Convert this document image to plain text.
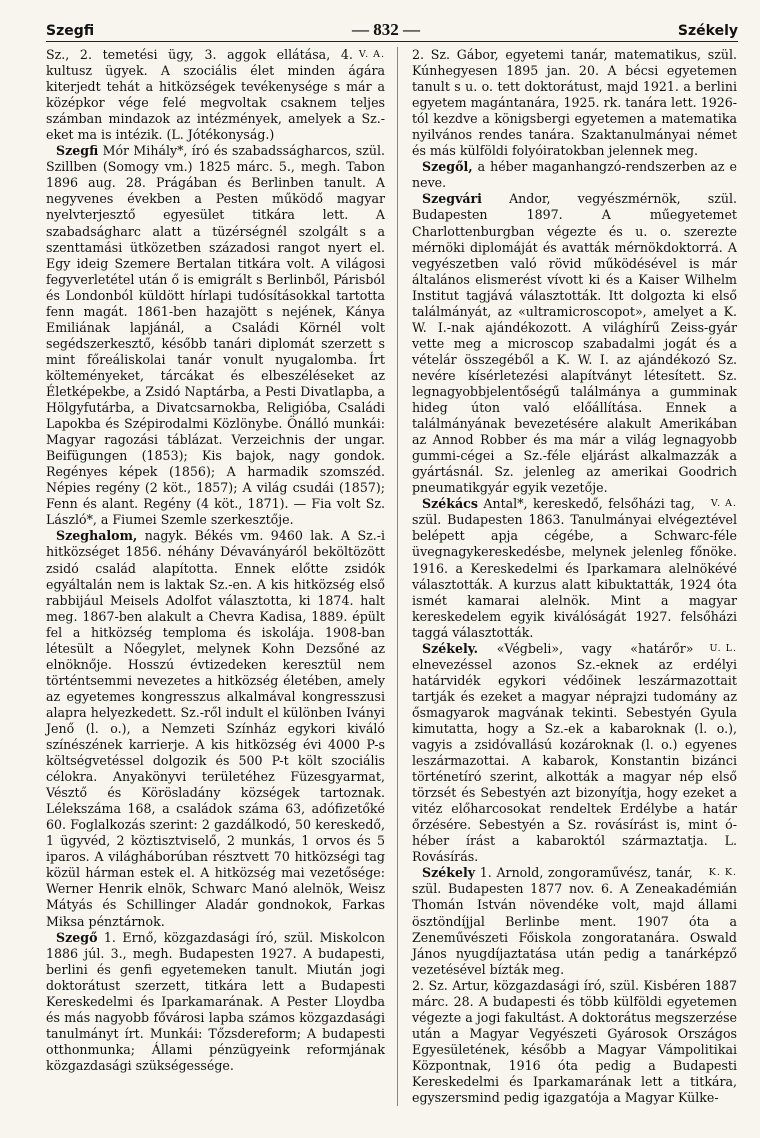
Szegfi	— 832 —	Székely

V. A.
Sz., 2. temetési ügy, 3. aggok ellátása, 4. kultusz ügyek. A szociális élet minden ágára kiterjedt tehát a hitközségek tevékenysége s már a középkor vége felé megvoltak csaknem teljes számban mindazok az intézmények, amelyek a Sz.-eket ma is intézik. (L. Jótékonyság.)

Szegfi Mór Mihály*, író és szabadsságharcos, szül. Szillben (Somogy vm.) 1825 márc. 5., megh. Tabon 1896 aug. 28. Prágában és Berlinben tanult. A negyvenes években a Pesten működő magyar nyelvterjesztő egyesület titkára lett. A szabadságharc alatt a tüzérségnél szolgált s a szenttamási ütközetben századosi rangot nyert el. Egy ideig Szemere Bertalan titkára volt. A világosi fegyverletétel után ő is emigrált s Berlinből, Párisból és Londonból küldött hírlapi tudósításokkal tartotta fenn magát. 1861-ben hazajött s nejének, Kánya Emiliának lapjánál, a Családi Körnél volt segédszerkesztő, később tanári diplomát szerzett s mint főreáliskolai tanár vonult nyugalomba. Írt költeményeket, tárcákat és elbeszéléseket az Életképekbe, a Zsidó Naptárba, a Pesti Divatlapba, a Hölgyfutárba, a Divatcsarnokba, Religióba, Családi Lapokba és Szépirodalmi Közlönybe. Önálló munkái: Magyar ragozási táblázat. Verzeichnis der ungar. Beifügungen (1853); Kis bajok, nagy gondok. Regényes képek (1856); A harmadik szomszéd. Népies regény (2 köt., 1857); A világ csudái (1857); Fenn és alant. Regény (4 köt., 1871). — Fia volt Sz. László*, a Fiumei Szemle szerkesztője.

Szeghalom, nagyk. Békés vm. 9460 lak. A Sz.-i hitközséget 1856. néhány Dévaványáról beköltözött zsidó család alapította. Ennek előtte zsidók egyáltalán nem is laktak Sz.-en. A kis hitközség első rabbijául Meisels Adolfot választotta, ki 1874. halt meg. 1867-ben alakult a Chevra Kadisa, 1889. épült fel a hitközség temploma és iskolája. 1908-ban létesült a Nőegylet, melynek Kohn Dezsőné az elnöknője. Hosszú évtizedeken keresztül nem történtsemmi nevezetes a hitközség életében, amely az egyetemes kongresszus alkalmával kongresszusi alapra helyezkedett. Sz.-ről indult el különben Iványi Jenő (l. o.), a Nemzeti Színház egykori kiváló színészének karrierje. A kis hitközség évi 4000 P-s költségvetéssel dolgozik és 500 P-t költ szociális célokra. Anyakönyvi területéhez Füzesgyarmat, Vésztő és Körösladány községek tartoznak. Lélekszáma 168, a családok száma 63, adófizetőké 60. Foglalkozás szerint: 2 gazdálkodó, 50 kereskedő, 1 ügyvéd, 2 köztisztviselő, 2 munkás, 1 orvos és 5 iparos. A világháborúban résztvett 70 hitközségi tag közül hárman estek el. A hitközség mai vezetősége: Werner Henrik elnök, Schwarc Manó alelnök, Weisz Mátyás és Schillinger Aladár gondnokok, Farkas Miksa pénztárnok.

Szegő 1. Ernő, közgazdasági író, szül. Miskolcon 1886 júl. 3., megh. Budapesten 1927. A budapesti, berlini és genfi egyetemeken tanult. Miután jogi doktorátust szerzett, titkára lett a Budapesti Kereskedelmi és Iparkamarának. A Pester Lloydba és más nagyobb fővárosi lapba számos közgazdasági tanulmányt írt. Munkái: Tőzsdereform; A budapesti otthonmunka; Állami pénzügyeink reformjának közgazdasági szükségessége.

2. Sz. Gábor, egyetemi tanár, matematikus, szül. Kúnhegyesen 1895 jan. 20. A bécsi egyetemen tanult s u. o. tett doktorátust, majd 1921. a berlini egyetem magántanára, 1925. rk. tanára lett. 1926-tól kezdve a königsbergi egyetemen a matematika nyilvános rendes tanára. Szaktanulmányai német és más külföldi folyóiratokban jelennek meg.

Szegől, a héber maganhangzó-rendszerben az e neve.

Szegvári Andor, vegyészmérnök, szül. Budapesten 1897. A műegyetemet Charlottenburgban végezte és u. o. szerezte mérnöki diplomáját és avatták mérnökdoktorrá. A vegyészetben való rövid működésével is már általános elismerést vívott ki és a Kaiser Wilhelm Institut tagjává választották. Itt dolgozta ki első találmányát, az «ultramicroscopot», amelyet a K. W. I.-nak ajándékozott. A világhírű Zeiss-gyár vette meg a microscop szabadalmi jogát és a vételár összegéből a K. W. I. az ajándékozó Sz. nevére kísérletezési alapítványt létesített. Sz. legnagyobbjelentőségű találmánya a gumminak hideg úton való előállítása. Ennek a találmányának bevezetésére alakult Amerikában az Annod Robber és ma már a világ legnagyobb gummi-cégei a Sz.-féle eljárást alkalmazzák a gyártásnál. Sz. jelenleg az amerikai Goodrich pneumatikgyár egyik vezetője.

V. A.
Székács Antal*, kereskedő, felsőházi tag, szül. Budapesten 1863. Tanulmányai elvégeztével belépett apja cégébe, a Schwarc-féle üvegnagykereskedésbe, melynek jelenleg főnöke. 1916. a Kereskedelmi és Iparkamara alelnökévé választották. A kurzus alatt kibuktatták, 1924 óta ismét kamarai alelnök. Mint a magyar kereskedelem egyik kiválóságát 1927. felsőházi taggá választották.

U. L.
Székely. «Végbeli», vagy «határőr» elnevezéssel azonos Sz.-eknek az erdélyi határvidék egykori védőinek leszármazottait tartják és ezeket a magyar néprajzi tudomány az ősmagyarok magvának tekinti. Sebestyén Gyula kimutatta, hogy a Sz.-ek a kabaroknak (l. o.), vagyis a zsidóvallású kozároknak (l. o.) egyenes leszármazottai. A kabarok, Konstantin bizánci történetíró szerint, alkották a magyar nép első törzsét és Sebestyén azt bizonyítja, hogy ezeket a vitéz előharcosokat rendeltek Erdélybe a határ őrzésére. Sebestyén a Sz. rovásírást is, mint ó-héber írást a kabaroktól származtatja. L. Rovásírás.

K. K.
Székely 1. Arnold, zongoraművész, tanár, szül. Budapesten 1877 nov. 6. A Zeneakadémián Thomán István növendéke volt, majd állami ösztöndíjjal Berlinbe ment. 1907 óta a Zeneművészeti Főiskola zongoratanára. Oswald János nyugdíjaztatása után pedig a tanárképző vezetésével bízták meg.

2. Sz. Artur, közgazdasági író, szül. Kisbéren 1887 márc. 28. A budapesti és több külföldi egyetemen végezte a jogi fakultást. A doktorátus megszerzése után a Magyar Vegyészeti Gyárosok Országos Egyesületének, később a Magyar Vámpolitikai Központnak, 1916 óta pedig a Budapesti Kereskedelmi és Iparkamarának lett a titkára, egyszersmind pedig igazgatója a Magyar Külke-
